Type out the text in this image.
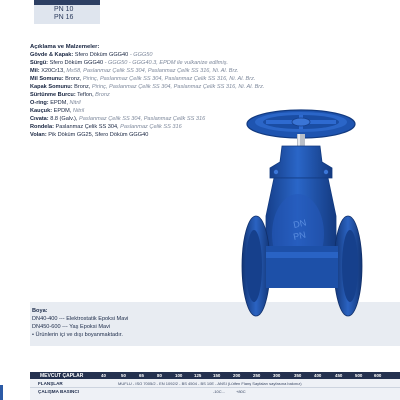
PN 10
PN 16
Açıklama ve Malzemeler:
Gövde & Kapak: Sfero Döküm GGG40 - GGG50
Sürgü: Sfero Döküm GGG40 - GGG50 - GGG40.3, EPDM ile vulkanize edilmiş.
Mil: X20Cr13, Ms58, Paslanmaz Çelik SS 304, Paslanmaz Çelik SS 316, Ni. Al. Brz.
Mil Somunu: Bronz, Pirinç, Paslanmaz Çelik SS 304, Paslanmaz Çelik SS 316, Ni. Al. Brz.
Kapak Somunu: Bronz, Pirinç, Paslanmaz Çelik SS 304, Paslanmaz Çelik SS 316, Ni. Al. Brz.
Sürtünme Burcu: Teflon, Bronz
O-ring: EPDM, Nitril
Kauçuk: EPDM, Nitril
Cıvata: 8.8 (Galv.), Paslanmaz Çelik SS 304, Paslanmaz Çelik SS 316
Rondela: Paslanmaz Çelik SS 304, Paslanmaz Çelik SS 316
Volan: Pik Döküm GG25, Sfero Döküm GGG40
DN
PN
Boya:
DN40-400 --- Elektrostatik Epoksi Mavi
DN450-600 --- Yaş Epoksi Mavi
• Ürünlerin içi ve dışı boyanmaktadır.
MEVCUT ÇAPLAR	40	50	65	80	100	125	150	200	250	300	350	400	450	500	600
FLANŞLAR	MUFLU - ISO 7005/2 - EN 1092/2 - BS 4504 - BS 10E - ANSI (Lütfen Flanş Sayfaları sayfasına bakınız)
ÇALIŞMA BASINCI	-10C...	+80C
